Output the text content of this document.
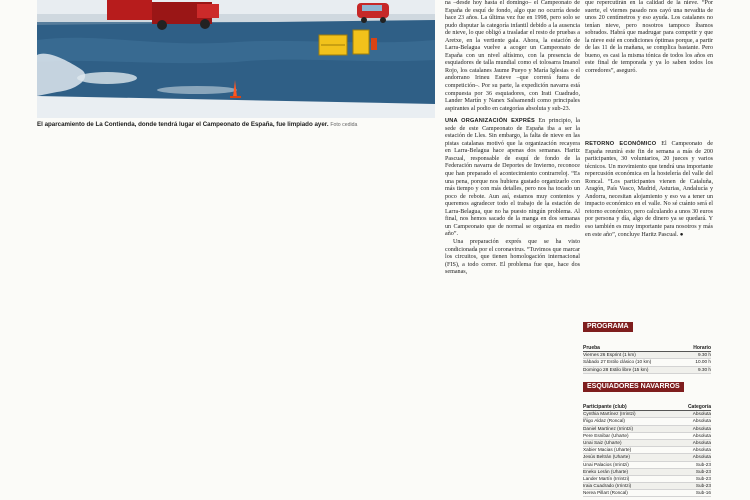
El aparcamiento de La Contienda, donde tendrá lugar el Campeonato de España, fue limpiado ayer. Foto cedida

na –desde hoy hasta el domingo– el Campeonato de España de esquí de fondo, algo que no ocurría desde hace 23 años. La última vez fue en 1998, pero solo se pudo disputar la categoría infantil debido a la ausencia de nieve, lo que obligó a trasladar el resto de pruebas a Aretxe, en la vertiente gala. Ahora, la estación de Larra-Belagua vuelve a acoger un Campeonato de España con un nivel altísimo, con la presencia de esquiadores de talla mundial como el tolosarra Imanol Rojo, los catalanes Jaume Pueyo y María Iglesias o el andorrano Irineu Esteve –que correrá fuera de competición–. Por su parte, la expedición navarra está compuesta por 36 esquiadores, con Irati Cuadrado, Lander Martín y Nanex Salsamendi como principales aspirantes al podio en categorías absoluta y sub-23.

UNA ORGANIZACIÓN EXPRÉS En principio, la sede de este Campeonato de España iba a ser la estación de Lles. Sin embargo, la falta de nieve en las pistas catalanas motivó que la organización recayera en Larra-Belagua hace apenas dos semanas. Haritz Pascual, responsable de esquí de fondo de la Federación navarra de Deportes de Invierno, reconoce que han preparado el acontecimiento contrarreloj. “Es una pena, porque nos hubiera gustado organizarlo con más tiempo y con más detalles, pero nos ha tocado un poco de rebote. Aun así, estamos muy contentos y queremos agradecer todo el trabajo de la estación de Larra-Belagua, que no ha puesto ningún problema. Al final, nos hemos sacado de la manga en dos semanas un Campeonato que de normal se organiza en medio año”.

Una preparación exprés que se ha visto condicionada por el coronavirus. “Tuvimos que marcar los circuitos, que tienen homologación internacional (FIS), a todo correr. El problema fue que, hace dos semanas,

que repercutirán en la calidad de la nieve. “Por suerte, el viernes pasado nos cayó una nevadita de unos 20 centímetros y eso ayuda. Los catalanes no tenían nieve, pero nosotros tampoco íbamos sobrados. Habrá que madrugar para competir y que la nieve esté en condiciones óptimas porque, a partir de las 11 de la mañana, se complica bastante. Pero bueno, es casi la misma tónica de todos los años en este final de temporada y ya lo saben todos los corredores”, aseguró.

RETORNO ECONÓMICO El Campeonato de España reunirá este fin de semana a más de 200 participantes, 30 voluntarios, 20 jueces y varios técnicos. Un movimiento que tendrá una importante repercusión económica en la hostelería del valle del Roncal. “Los participantes vienen de Cataluña, Aragón, País Vasco, Madrid, Asturias, Andalucía y Andorra, necesitan alojamiento y eso va a tener un impacto económico en el valle. No sé cuánto será el retorno económico, pero calculando a unos 30 euros por persona y día, algo de dinero ya se quedará. Y eso también es muy importante para nosotros y más en este año”, concluye Haritz Pascual. ●

PROGRAMA
Prueba	Horario
Viernes 26 Esprint (1 km)	9.30 h
Sábado 27 Estilo clásico (10 km)	10.00 h
Domingo 28 Estilo libre (15 km)	9.30 h
ESQUIADORES NAVARROS
Participante (club)	Categoría
Cynthia Martínez (Irrintzi)	Absoluta
Íñigo Aldaz (Roncal)	Absoluta
Daniel Martínez (Irrintzi)	Absoluta
Pere Esnibar (Uharte)	Absoluta
Unai Saiz (Uharte)	Absoluta
Xabier Macias (Uharte)	Absoluta
Jesús Beltrán (Uharte)	Absoluta
Unai Palacios (Irrintzi)	Sub-23
Eneko Lerán (Uharte)	Sub-23
Lander Martín (Irrintzi)	Sub-23
Iraia Cuadrado (Irrintzi)	Sub-23
Nerea Pillart (Roncal)	Sub-16
